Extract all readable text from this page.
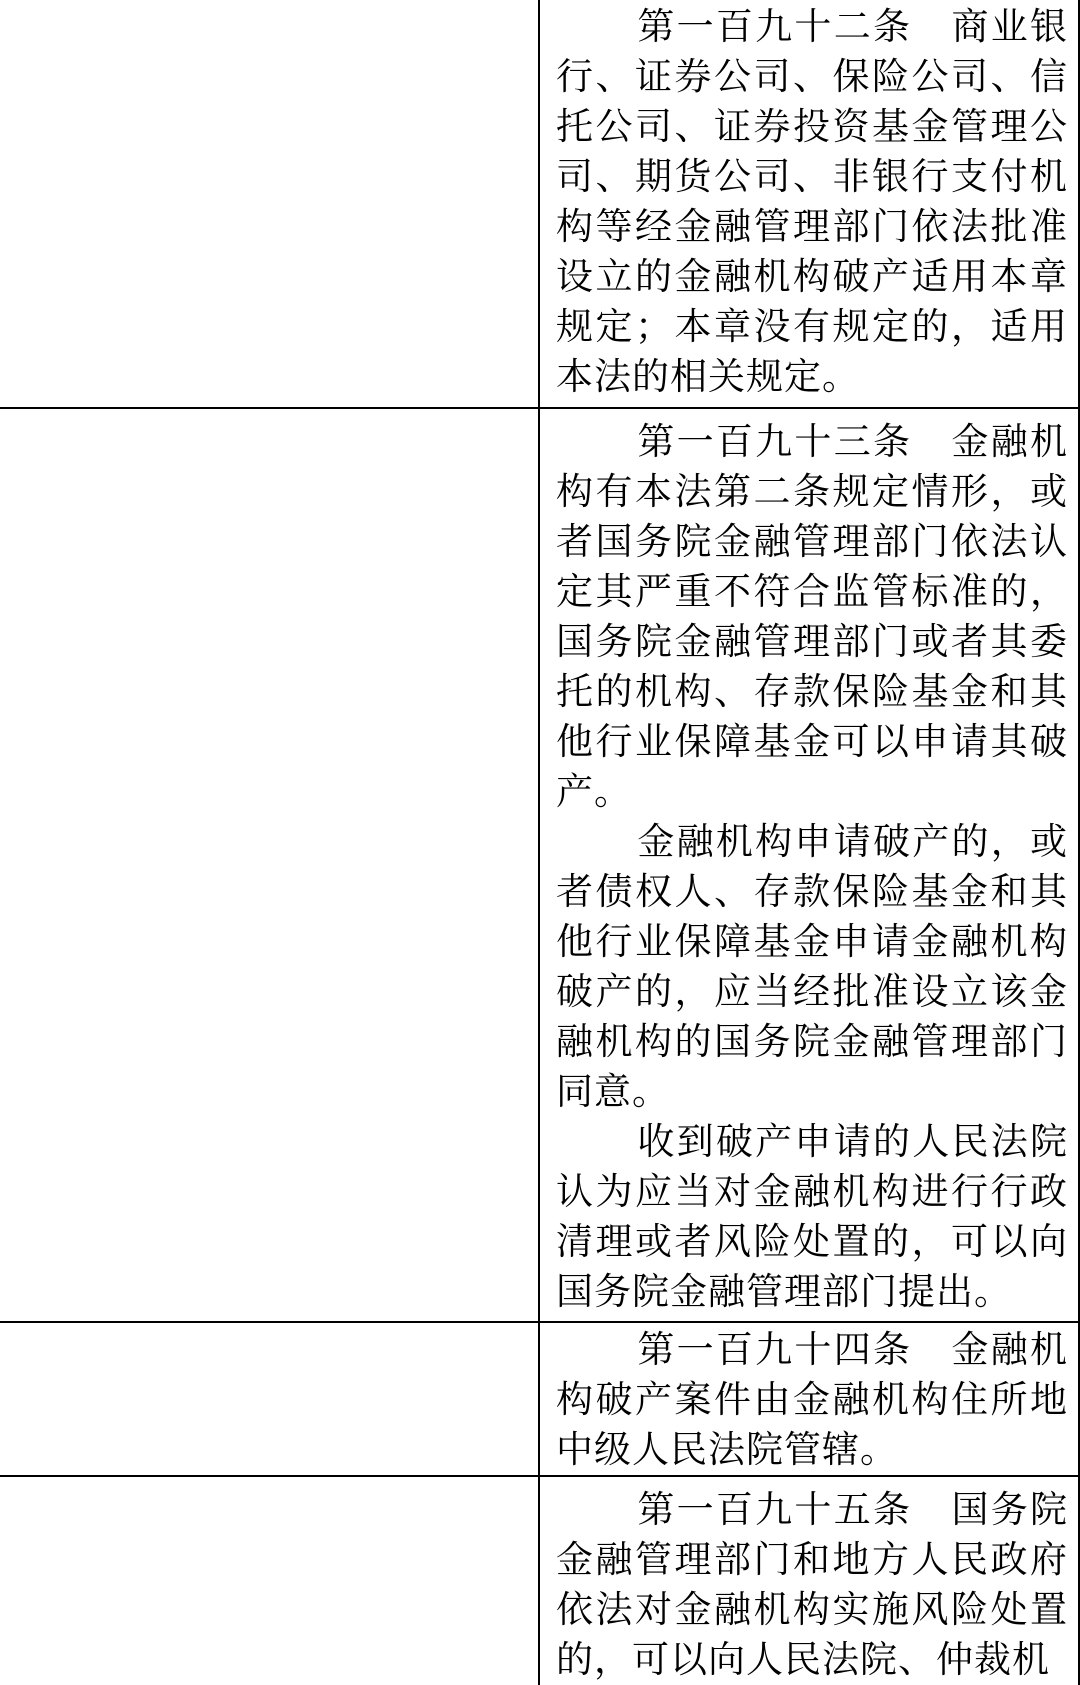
	第一百九十二条　商业银行、证券公司、保险公司、信托公司、证券投资基金管理公司、期货公司、非银行支付机构等经金融管理部门依法批准设立的金融机构破产适用本章规定；本章没有规定的，适用本法的相关规定。

	第一百九十三条　金融机构有本法第二条规定情形，或者国务院金融管理部门依法认定其严重不符合监管标准的，国务院金融管理部门或者其委托的机构、存款保险基金和其他行业保障基金可以申请其破产。

金融机构申请破产的，或者债权人、存款保险基金和其他行业保障基金申请金融机构破产的，应当经批准设立该金融机构的国务院金融管理部门同意。

收到破产申请的人民法院认为应当对金融机构进行行政清理或者风险处置的，可以向国务院金融管理部门提出。

	第一百九十四条　金融机构破产案件由金融机构住所地中级人民法院管辖。

	第一百九十五条　国务院金融管理部门和地方人民政府依法对金融机构实施风险处置的，可以向人民法院、仲裁机
